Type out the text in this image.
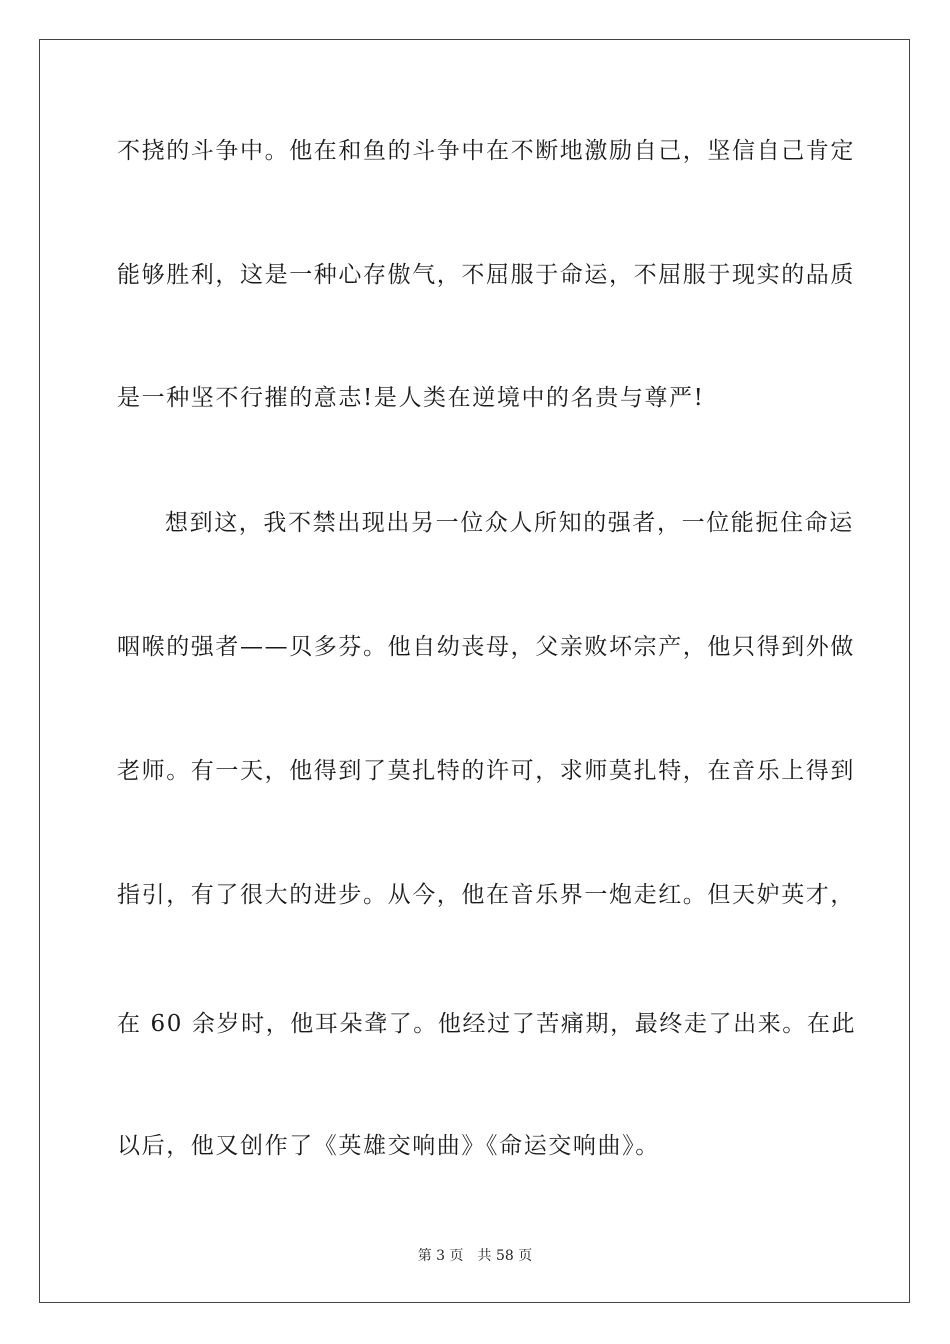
不挠的斗争中。他在和鱼的斗争中在不断地激励自己，坚信自己肯定
能够胜利，这是一种心存傲气，不屈服于命运，不屈服于现实的品质
是一种坚不行摧的意志!是人类在逆境中的名贵与尊严!
想到这，我不禁出现出另一位众人所知的强者，一位能扼住命运
咽喉的强者——贝多芬。他自幼丧母，父亲败坏宗产，他只得到外做
老师。有一天，他得到了莫扎特的许可，求师莫扎特，在音乐上得到
指引，有了很大的进步。从今，他在音乐界一炮走红。但天妒英才，
在 60 余岁时，他耳朵聋了。他经过了苦痛期，最终走了出来。在此
以后，他又创作了《英雄交响曲》《命运交响曲》。
第 3 页 共 58 页
